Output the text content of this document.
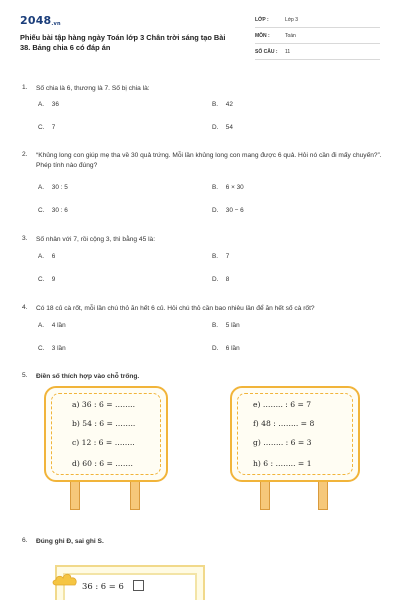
2048.vn
Phiếu bài tập hàng ngày Toán lớp 3 Chân trời sáng tạo Bài 38. Bảng chia 6 có đáp án
LỚP :	Lớp 3
MÔN :	Toán
SỐ CÂU : 11
1. Số chia là 6, thương là 7. Số bị chia là:
A. 36	B. 42
C. 7	D. 54
2. “Khủng long con giúp mẹ tha về 30 quả trứng. Mỗi lần khủng long con mang được 6 quả. Hỏi nó cần đi mấy chuyến?”. Phép tính nào đúng?
A. 30 : 5	B. 6 × 30
C. 30 : 6	D. 30 − 6
3. Số nhân với 7, rồi cộng 3, thì bằng 45 là:
A. 6	B. 7
C. 9	D. 8
4. Có 18 củ cà rốt, mỗi lần chú thỏ ăn hết 6 củ. Hỏi chú thỏ cần bao nhiêu lần để ăn hết số cà rốt?
A. 4 lần	B. 5 lần
C. 3 lần	D. 6 lần
5. Điền số thích hợp vào chỗ trống.
a) 36 : 6 = ……..
b) 54 : 6 = ……..
c) 12 : 6 = ……..
d) 60 : 6 = …….
e) …….. : 6 = 7
f) 48 : …….. = 8
g) …….. : 6 = 3
h) 6 : …….. = 1
6. Đúng ghi Đ, sai ghi S.
36 : 6 = 6
